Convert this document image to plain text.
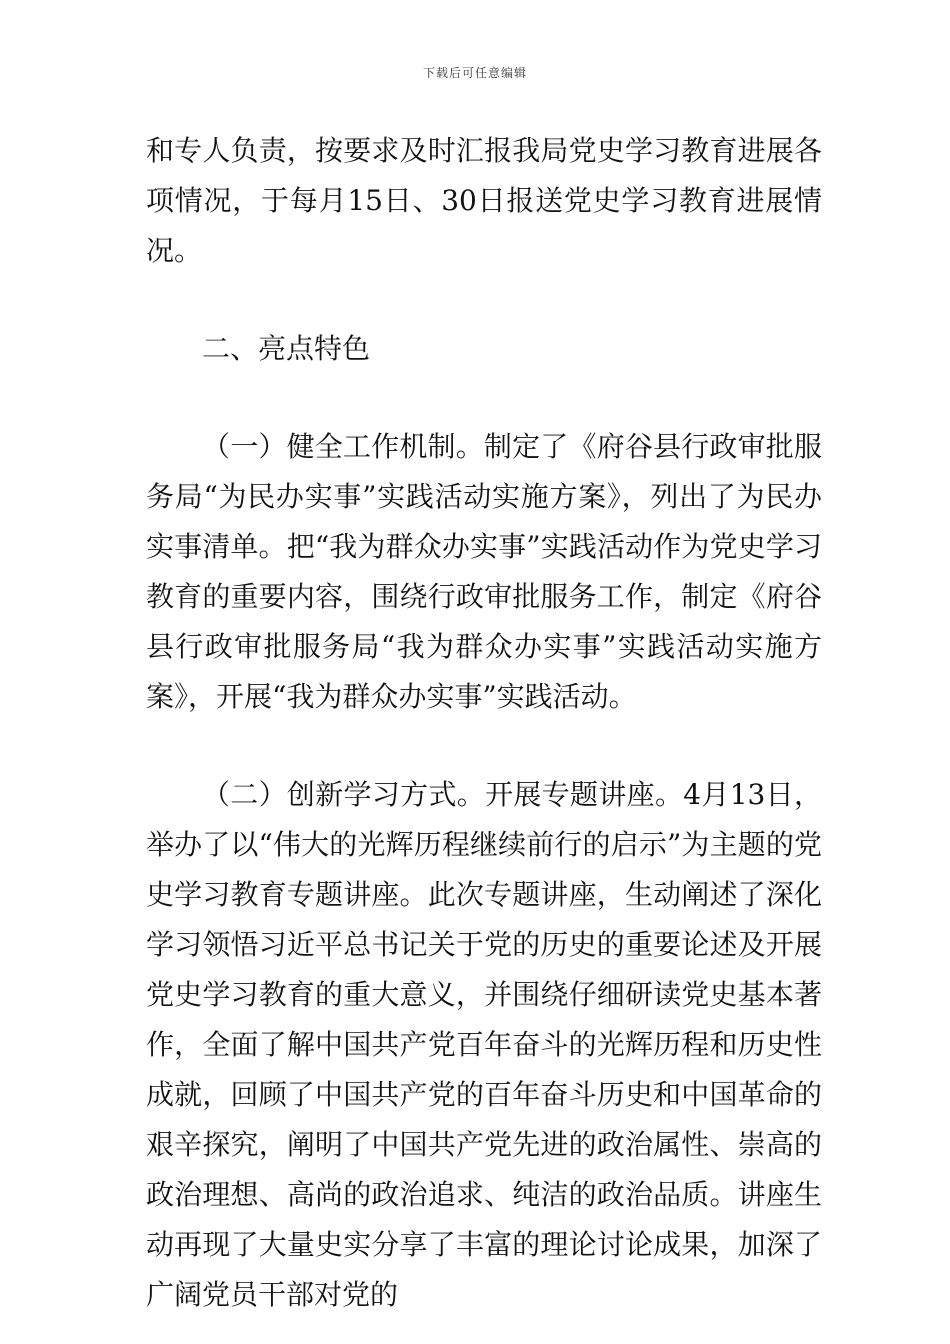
下载后可任意编辑

和专人负责，按要求及时汇报我局党史学习教育进展各项情况，于每月15日、30日报送党史学习教育进展情况。

二、亮点特色

（一）健全工作机制。制定了《府谷县行政审批服务局“为民办实事”实践活动实施方案》，列出了为民办实事清单。把“我为群众办实事”实践活动作为党史学习教育的重要内容，围绕行政审批服务工作，制定《府谷县行政审批服务局“我为群众办实事”实践活动实施方案》，开展“我为群众办实事”实践活动。

（二）创新学习方式。开展专题讲座。4月13日，举办了以“伟大的光辉历程继续前行的启示”为主题的党史学习教育专题讲座。此次专题讲座，生动阐述了深化学习领悟习近平总书记关于党的历史的重要论述及开展党史学习教育的重大意义，并围绕仔细研读党史基本著作，全面了解中国共产党百年奋斗的光辉历程和历史性成就，回顾了中国共产党的百年奋斗历史和中国革命的艰辛探究，阐明了中国共产党先进的政治属性、崇高的政治理想、高尚的政治追求、纯洁的政治品质。讲座生动再现了大量史实分享了丰富的理论讨论成果，加深了广阔党员干部对党的
